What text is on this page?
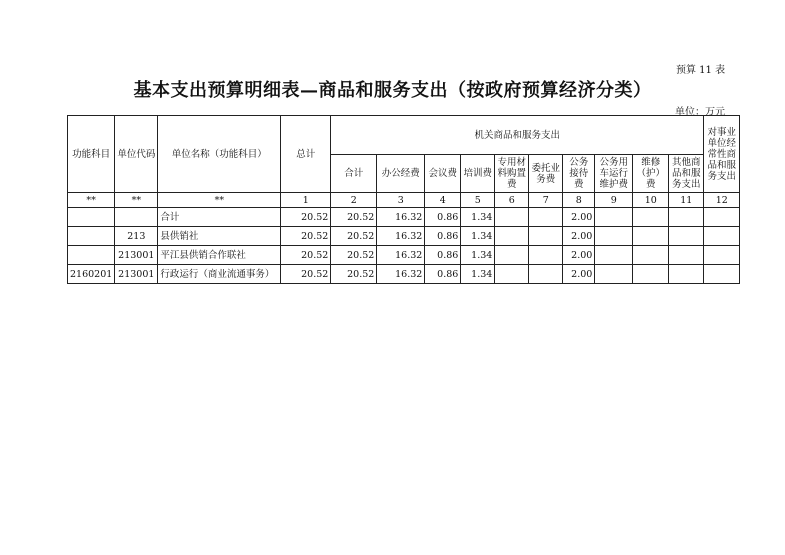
预算 11 表
基本支出预算明细表—商品和服务支出（按政府预算经济分类）
单位：万元
功能科目	单位代码	单位名称（功能科目）	总计	机关商品和服务支出										对事业单位经常性商品和服务支出
				合计	办公经费	会议费	培训费	专用材料购置费	委托业务费	公务接待费	公务用车运行维护费	维修（护）费	其他商品和服务支出	
**	**	**	1	2	3	4	5	6	7	8	9	10	11	12
		合计	20.52	20.52	16.32	0.86	1.34			2.00				
	213	县供销社	20.52	20.52	16.32	0.86	1.34			2.00				
	213001	平江县供销合作联社	20.52	20.52	16.32	0.86	1.34			2.00				
2160201	213001	行政运行（商业流通事务）	20.52	20.52	16.32	0.86	1.34			2.00				
